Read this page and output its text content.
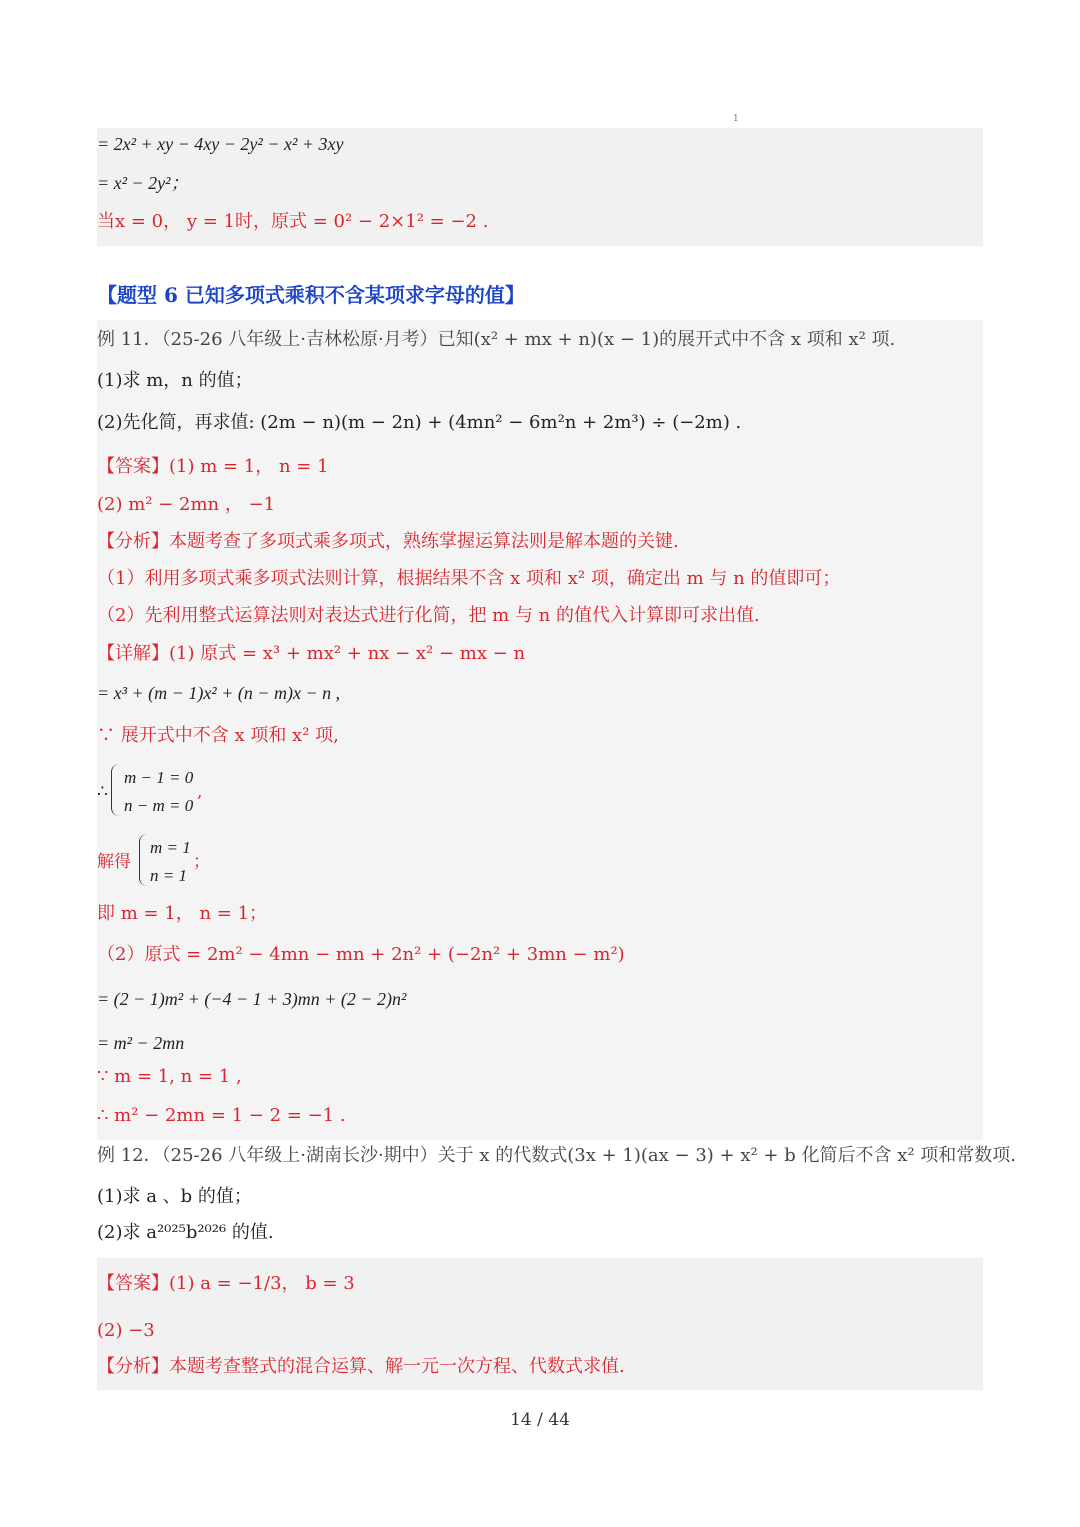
1
= 2x² + xy − 4xy − 2y² − x² + 3xy
= x² − 2y²；
当x = 0， y = 1时，原式 = 0² − 2×1² = −2 .
【题型 6 已知多项式乘积不含某项求字母的值】
例 11．（25-26 八年级上·吉林松原·月考）已知(x² + mx + n)(x − 1)的展开式中不含 x 项和 x² 项.
(1)求 m，n 的值；
(2)先化简，再求值: (2m − n)(m − 2n) + (4mn² − 6m²n + 2m³) ÷ (−2m) .
【答案】(1) m = 1， n = 1
(2) m² − 2mn ， −1
【分析】本题考查了多项式乘多项式，熟练掌握运算法则是解本题的关键.
（1）利用多项式乘多项式法则计算，根据结果不含 x 项和 x² 项，确定出 m 与 n 的值即可；
（2）先利用整式运算法则对表达式进行化简，把 m 与 n 的值代入计算即可求出值.
【详解】(1) 原式 = x³ + mx² + nx − x² − mx − n
= x³ + (m − 1)x² + (n − m)x − n ,
∵ 展开式中不含 x 项和 x² 项,
∴
m − 1 = 0
n − m = 0
,
解得
m = 1
n = 1
；
即 m = 1， n = 1；
（2）原式 = 2m² − 4mn − mn + 2n² + (−2n² + 3mn − m²)
= (2 − 1)m² + (−4 − 1 + 3)mn + (2 − 2)n²
= m² − 2mn
∵ m = 1, n = 1 ,
∴ m² − 2mn = 1 − 2 = −1 .
例 12．（25-26 八年级上·湖南长沙·期中）关于 x 的代数式(3x + 1)(ax − 3) + x² + b 化简后不含 x² 项和常数项.
(1)求 a 、b 的值；
(2)求 a²⁰²⁵b²⁰²⁶ 的值.
【答案】(1) a = −1/3， b = 3
(2) −3
【分析】本题考查整式的混合运算、解一元一次方程、代数式求值.
14 / 44
